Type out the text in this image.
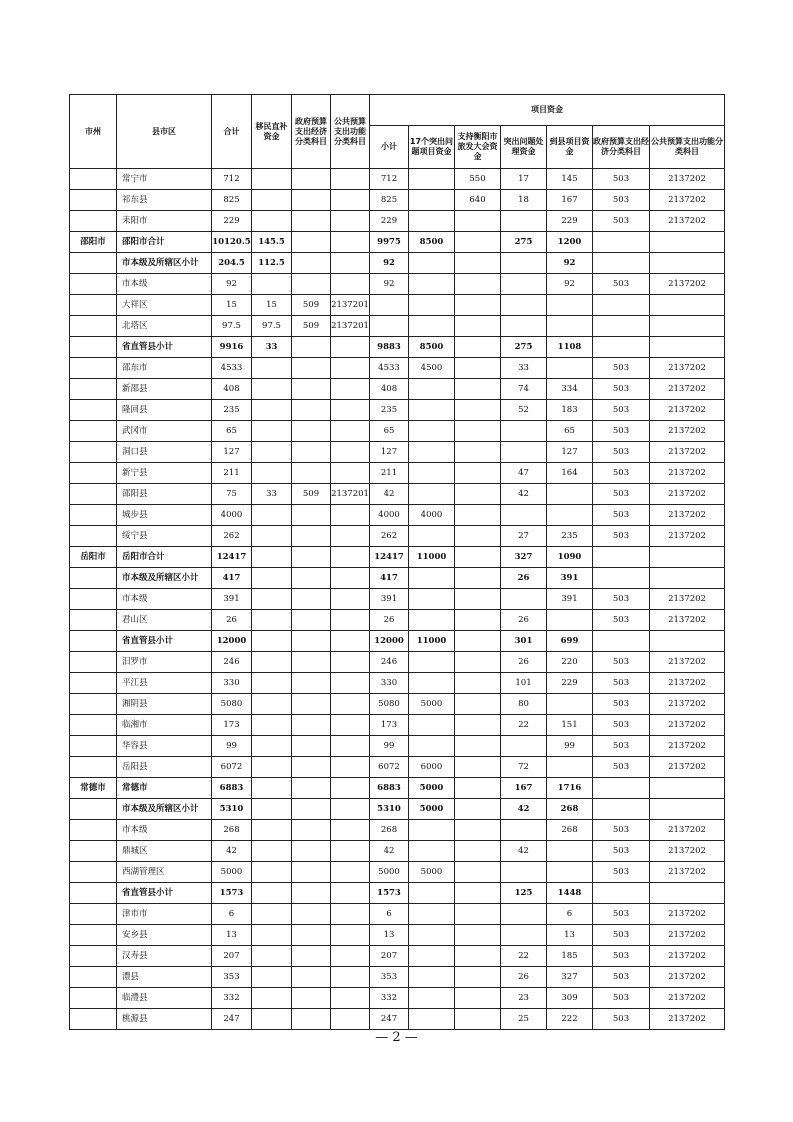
市州	县市区	合计	移民直补资金	政府预算支出经济分类科目	公共预算支出功能分类科目	项目资金						
						小计	17个突出问题项目资金	支持衡阳市旅发大会资金	突出问题处理资金	到县项目资金	政府预算支出经济分类科目	公共预算支出功能分类科目
	常宁市	712				712		550	17	145	503	2137202
	祁东县	825				825		640	18	167	503	2137202
	耒阳市	229				229				229	503	2137202
邵阳市	邵阳市合计	10120.5	145.5			9975	8500		275	1200		
	市本级及所辖区小计	204.5	112.5			92				92		
	市本级	92				92				92	503	2137202
	大祥区	15	15	509	2137201							
	北塔区	97.5	97.5	509	2137201							
	省直管县小计	9916	33			9883	8500		275	1108		
	邵东市	4533				4533	4500		33		503	2137202
	新邵县	408				408			74	334	503	2137202
	隆回县	235				235			52	183	503	2137202
	武冈市	65				65				65	503	2137202
	洞口县	127				127				127	503	2137202
	新宁县	211				211			47	164	503	2137202
	邵阳县	75	33	509	2137201	42			42		503	2137202
	城步县	4000				4000	4000				503	2137202
	绥宁县	262				262			27	235	503	2137202
岳阳市	岳阳市合计	12417				12417	11000		327	1090		
	市本级及所辖区小计	417				417			26	391		
	市本级	391				391				391	503	2137202
	君山区	26				26			26		503	2137202
	省直管县小计	12000				12000	11000		301	699		
	汨罗市	246				246			26	220	503	2137202
	平江县	330				330			101	229	503	2137202
	湘阴县	5080				5080	5000		80		503	2137202
	临湘市	173				173			22	151	503	2137202
	华容县	99				99				99	503	2137202
	岳阳县	6072				6072	6000		72		503	2137202
常德市	常德市	6883				6883	5000		167	1716		
	市本级及所辖区小计	5310				5310	5000		42	268		
	市本级	268				268				268	503	2137202
	鼎城区	42				42			42		503	2137202
	西湖管理区	5000				5000	5000				503	2137202
	省直管县小计	1573				1573			125	1448		
	津市市	6				6				6	503	2137202
	安乡县	13				13				13	503	2137202
	汉寿县	207				207			22	185	503	2137202
	澧县	353				353			26	327	503	2137202
	临澧县	332				332			23	309	503	2137202
	桃源县	247				247			25	222	503	2137202
— 2 —
